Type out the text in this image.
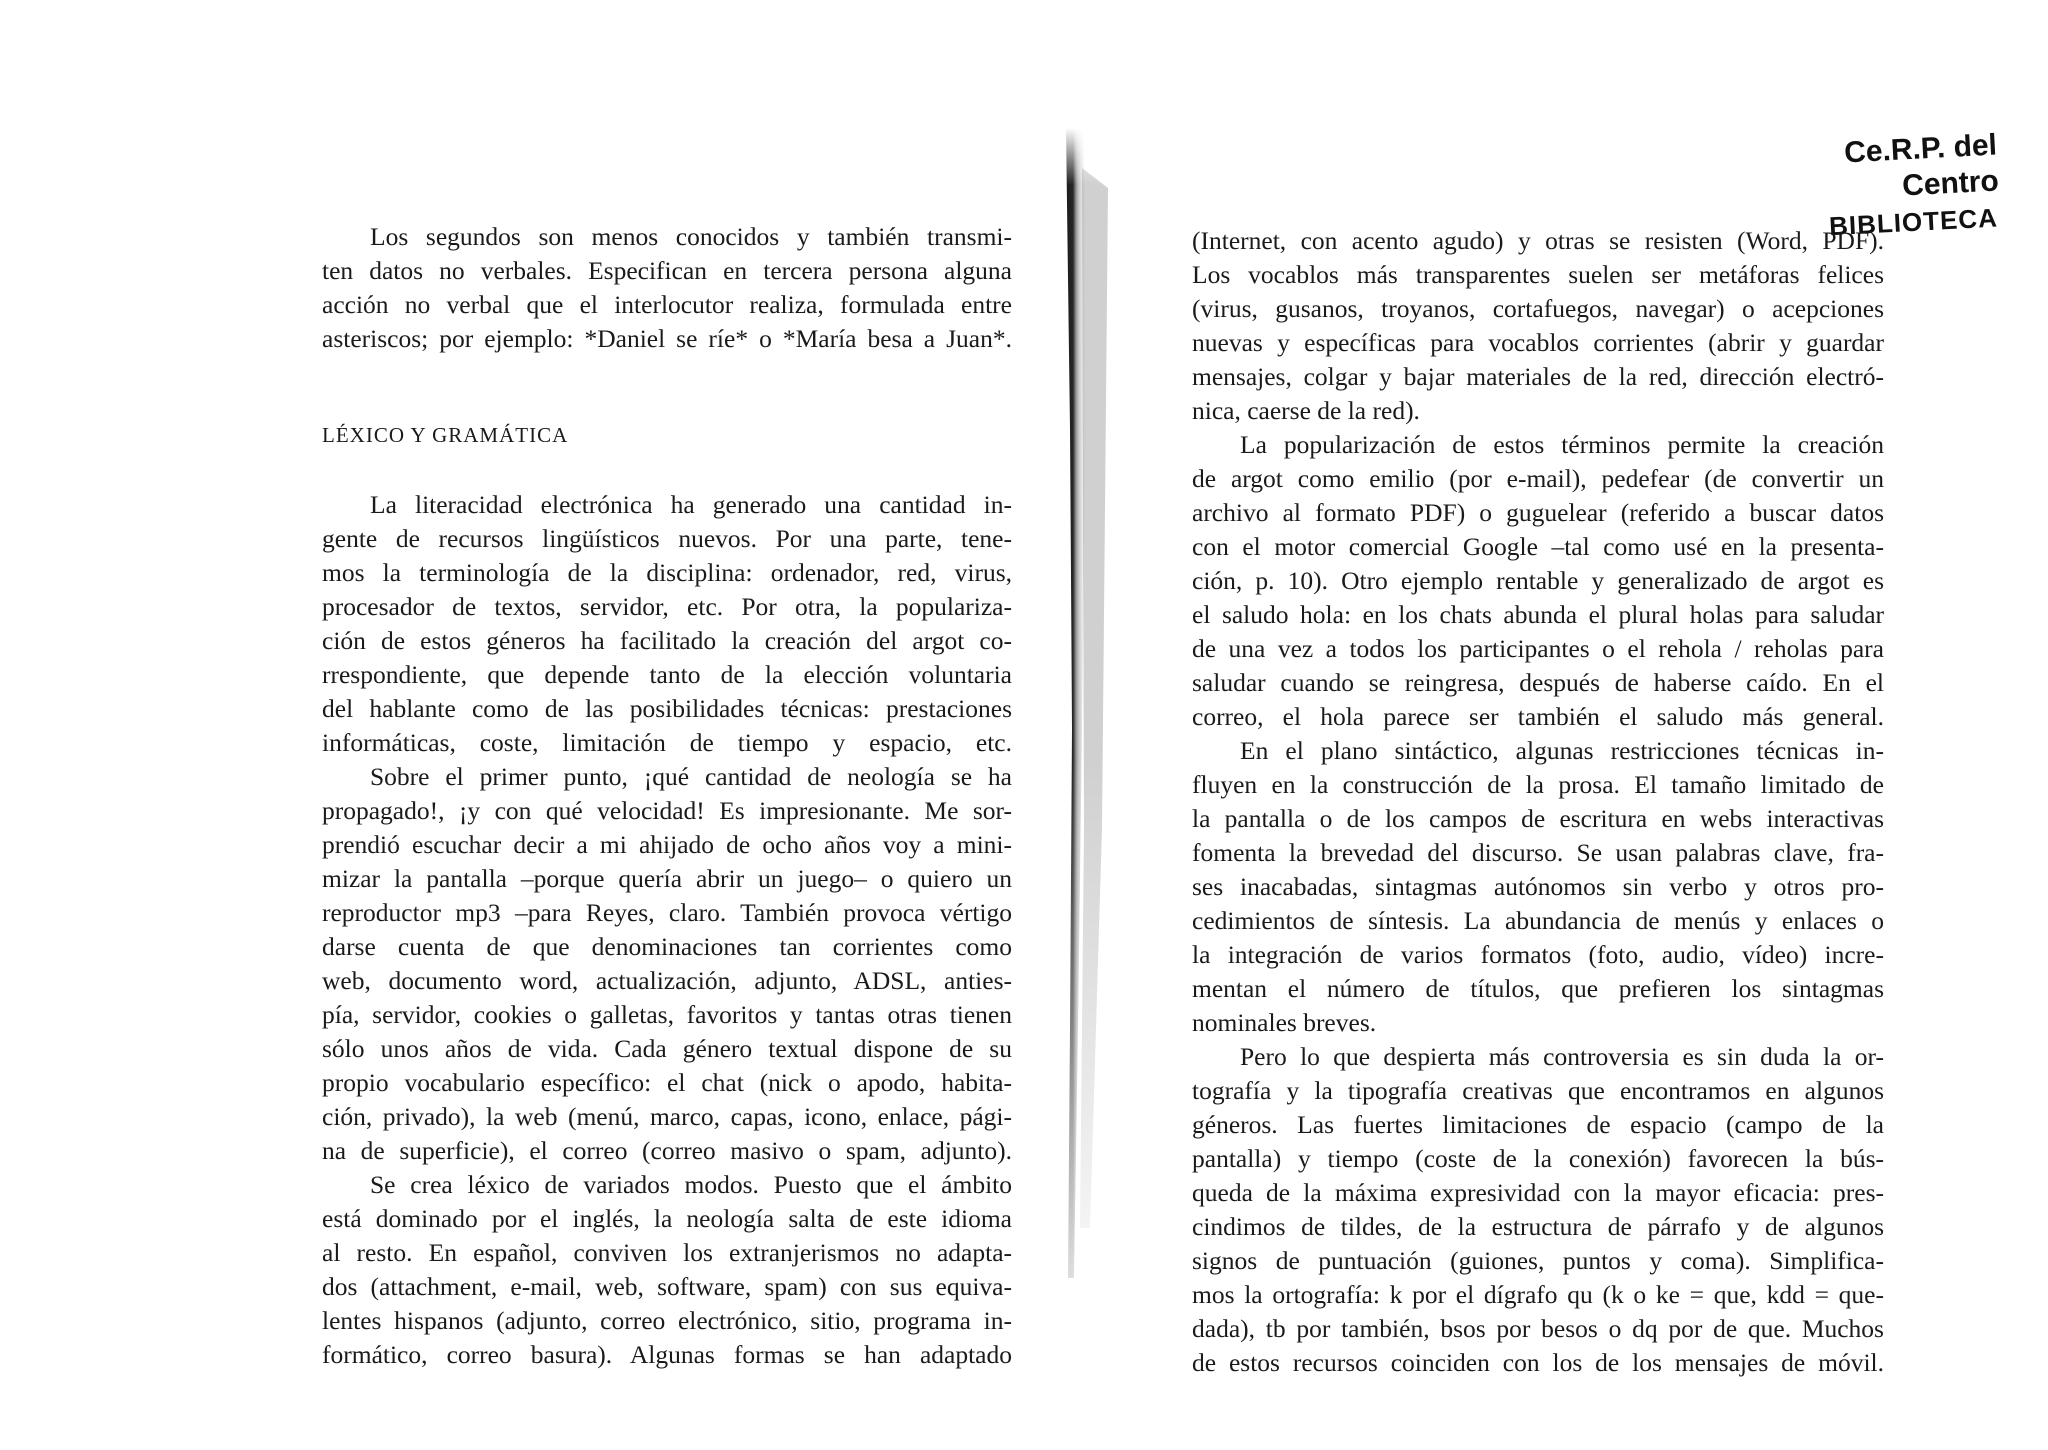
Los segundos son menos conocidos y también transmi-
ten datos no verbales. Especifican en tercera persona alguna
acción no verbal que el interlocutor realiza, formulada entre
asteriscos; por ejemplo: *Daniel se ríe* o *María besa a Juan*.
LÉXICO Y GRAMÁTICA
La literacidad electrónica ha generado una cantidad in-
gente de recursos lingüísticos nuevos. Por una parte, tene-
mos la terminología de la disciplina: ordenador, red, virus,
procesador de textos, servidor, etc. Por otra, la populariza-
ción de estos géneros ha facilitado la creación del argot co-
rrespondiente, que depende tanto de la elección voluntaria
del hablante como de las posibilidades técnicas: prestaciones
informáticas, coste, limitación de tiempo y espacio, etc.
Sobre el primer punto, ¡qué cantidad de neología se ha
propagado!, ¡y con qué velocidad! Es impresionante. Me sor-
prendió escuchar decir a mi ahijado de ocho años voy a mini-
mizar la pantalla –porque quería abrir un juego– o quiero un
reproductor mp3 –para Reyes, claro. También provoca vértigo
darse cuenta de que denominaciones tan corrientes como
web, documento word, actualización, adjunto, ADSL, anties-
pía, servidor, cookies o galletas, favoritos y tantas otras tienen
sólo unos años de vida. Cada género textual dispone de su
propio vocabulario específico: el chat (nick o apodo, habita-
ción, privado), la web (menú, marco, capas, icono, enlace, pági-
na de superficie), el correo (correo masivo o spam, adjunto).
Se crea léxico de variados modos. Puesto que el ámbito
está dominado por el inglés, la neología salta de este idioma
al resto. En español, conviven los extranjerismos no adapta-
dos (attachment, e-mail, web, software, spam) con sus equiva-
lentes hispanos (adjunto, correo electrónico, sitio, programa in-
formático, correo basura). Algunas formas se han adaptado
Ce.R.P. del Centro
BIBLIOTECA
(Internet, con acento agudo) y otras se resisten (Word, PDF).
Los vocablos más transparentes suelen ser metáforas felices
(virus, gusanos, troyanos, cortafuegos, navegar) o acepciones
nuevas y específicas para vocablos corrientes (abrir y guardar
mensajes, colgar y bajar materiales de la red, dirección electró-
nica, caerse de la red).
La popularización de estos términos permite la creación
de argot como emilio (por e-mail), pedefear (de convertir un
archivo al formato PDF) o guguelear (referido a buscar datos
con el motor comercial Google –tal como usé en la presenta-
ción, p. 10). Otro ejemplo rentable y generalizado de argot es
el saludo hola: en los chats abunda el plural holas para saludar
de una vez a todos los participantes o el rehola / reholas para
saludar cuando se reingresa, después de haberse caído. En el
correo, el hola parece ser también el saludo más general.
En el plano sintáctico, algunas restricciones técnicas in-
fluyen en la construcción de la prosa. El tamaño limitado de
la pantalla o de los campos de escritura en webs interactivas
fomenta la brevedad del discurso. Se usan palabras clave, fra-
ses inacabadas, sintagmas autónomos sin verbo y otros pro-
cedimientos de síntesis. La abundancia de menús y enlaces o
la integración de varios formatos (foto, audio, vídeo) incre-
mentan el número de títulos, que prefieren los sintagmas
nominales breves.
Pero lo que despierta más controversia es sin duda la or-
tografía y la tipografía creativas que encontramos en algunos
géneros. Las fuertes limitaciones de espacio (campo de la
pantalla) y tiempo (coste de la conexión) favorecen la bús-
queda de la máxima expresividad con la mayor eficacia: pres-
cindimos de tildes, de la estructura de párrafo y de algunos
signos de puntuación (guiones, puntos y coma). Simplifica-
mos la ortografía: k por el dígrafo qu (k o ke = que, kdd = que-
dada), tb por también, bsos por besos o dq por de que. Muchos
de estos recursos coinciden con los de los mensajes de móvil.
